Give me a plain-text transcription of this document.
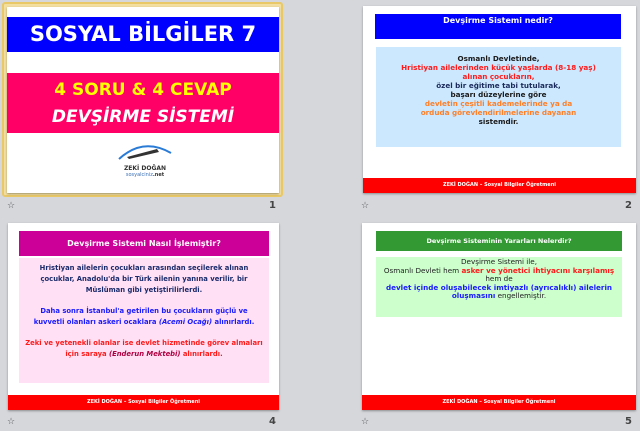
SOSYAL BİLGİLER 7
4 SORU & 4 CEVAP
DEVŞİRME SİSTEMİ
ZEKİ DOĞAN
sosyalciniz.net
☆	1
Devşirme Sistemi nedir?
Osmanlı Devletinde,
Hristiyan ailelerinden küçük yaşlarda (8-18 yaş)
alınan çocukların,
özel bir eğitime tabi tutularak,
başarı düzeylerine göre
devletin çeşitli kademelerinde ya da
orduda görevlendirilmelerine dayanan
sistemdir.
ZEKİ DOĞAN – Sosyal Bilgiler Öğretmeni
☆	2
Devşirme Sistemi Nasıl İşlemiştir?
Hristiyan ailelerin çocukları arasından seçilerek alınan çocuklar, Anadolu'da bir Türk ailenin yanına verilir, bir Müslüman gibi yetiştirilirlerdi.
Daha sonra İstanbul'a getirilen bu çocukların güçlü ve kuvvetli olanları askeri ocaklara (Acemi Ocağı) alınırlardı.
Zeki ve yetenekli olanlar ise devlet hizmetinde görev almaları için saraya (Enderun Mektebi) alınırlardı.
ZEKİ DOĞAN – Sosyal Bilgiler Öğretmeni
☆	4
Devşirme Sisteminin Yararları Nelerdir?
Devşirme Sistemi ile,
Osmanlı Devleti hem asker ve yönetici ihtiyacını karşılamış
hem de
devlet içinde oluşabilecek imtiyazlı (ayrıcalıklı) ailelerin oluşmasını engellemiştir.
ZEKİ DOĞAN – Sosyal Bilgiler Öğretmeni
☆	5
